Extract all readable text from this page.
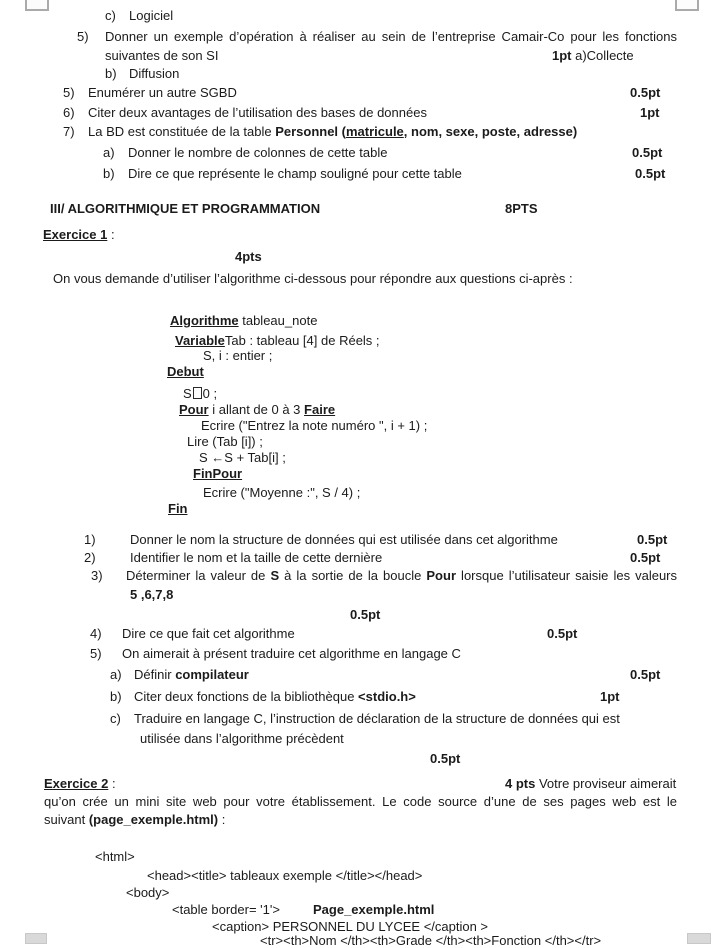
c) Logiciel
5) Donner un exemple d’opération à réaliser au sein de l’entreprise Camair-Co pour les fonctions
suivantes de son SI	1pt a)Collecte
b) Diffusion
5) Enumérer un autre SGBD	0.5pt
6) Citer deux avantages de l’utilisation des bases de données	1pt
7) La BD est constituée de la table Personnel (matricule, nom, sexe, poste, adresse)
a) Donner le nombre de colonnes de cette table	0.5pt
b) Dire ce que représente le champ souligné pour cette table	0.5pt
III/ ALGORITHMIQUE ET PROGRAMMATION	8PTS
Exercice 1 :
4pts
On vous demande d’utiliser l’algorithme ci-dessous pour répondre aux questions ci-après :
Algorithme tableau_note
VariableTab : tableau [4] de Réels ;
S, i : entier ;
Debut
S 0 ;
Pour i allant de 0 à 3 Faire
Ecrire ("Entrez la note numéro ", i + 1) ;
Lire (Tab [i]) ;
S ←S + Tab[i] ;
FinPour
Ecrire ("Moyenne :", S / 4) ;
Fin
1)	Donner le nom la structure de données qui est utilisée dans cet algorithme	0.5pt
2)	Identifier le nom et la taille de cette dernière	0.5pt
3) Déterminer la valeur de S à la sortie de la boucle Pour lorsque l’utilisateur saisie les valeurs
5 ,6,7,8
0.5pt
4) Dire ce que fait cet algorithme	0.5pt
5) On aimerait à présent traduire cet algorithme en langage C
a) Définir compilateur	0.5pt
b) Citer deux fonctions de la bibliothèque <stdio.h>	1pt
c) Traduire en langage C, l’instruction de déclaration de la structure de données qui est
utilisée dans l’algorithme précèdent
0.5pt
Exercice 2 :	4 pts Votre proviseur aimerait
qu’on crée un mini site web pour votre établissement. Le code source d’une de ses pages web est le
suivant (page_exemple.html) :
<html>
<head><title> tableaux exemple </title></head>
<body>
<table border= '1'>	Page_exemple.html
<caption> PERSONNEL DU LYCEE </caption >
<tr><th>Nom </th><th>Grade </th><th>Fonction </th></tr>
